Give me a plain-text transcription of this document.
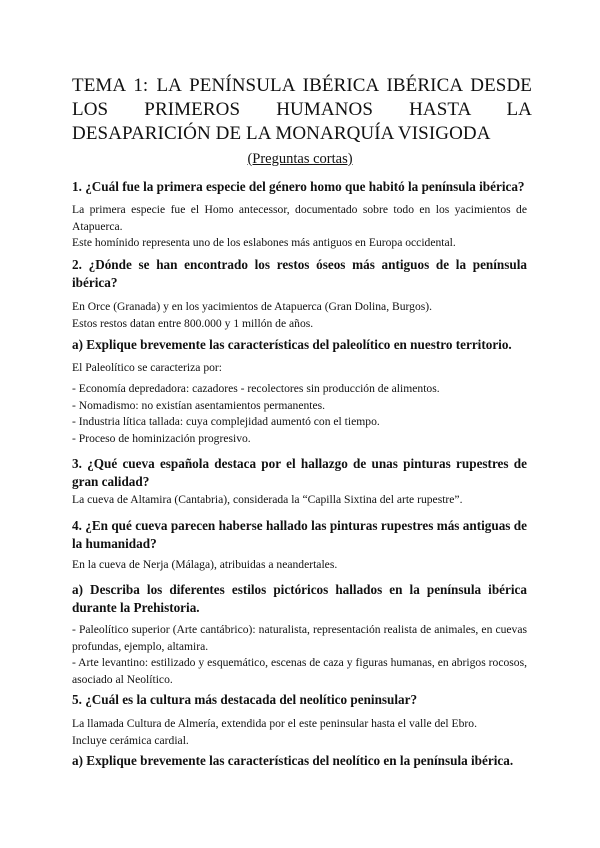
TEMA 1: LA PENÍNSULA IBÉRICA IBÉRICA DESDE LOS PRIMEROS HUMANOS HASTA LA DESAPARICIÓN DE LA MONARQUÍA VISIGODA
(Preguntas cortas)

1. ¿Cuál fue la primera especie del género homo que habitó la península ibérica?

La primera especie fue el Homo antecessor, documentado sobre todo en los yacimientos de Atapuerca.
Este homínido representa uno de los eslabones más antiguos en Europa occidental.

2. ¿Dónde se han encontrado los restos óseos más antiguos de la península ibérica?

En Orce (Granada) y en los yacimientos de Atapuerca (Gran Dolina, Burgos).
Estos restos datan entre 800.000 y 1 millón de años.

a) Explique brevemente las características del paleolítico en nuestro territorio.

El Paleolítico se caracteriza por:

- Economía depredadora: cazadores - recolectores sin producción de alimentos.
- Nomadismo: no existían asentamientos permanentes.
- Industria lítica tallada: cuya complejidad aumentó con el tiempo.
- Proceso de hominización progresivo.

3. ¿Qué cueva española destaca por el hallazgo de unas pinturas rupestres de gran calidad?

La cueva de Altamira (Cantabria), considerada la “Capilla Sixtina del arte rupestre”.

4. ¿En qué cueva parecen haberse hallado las pinturas rupestres más antiguas de la humanidad?

En la cueva de Nerja (Málaga), atribuidas a neandertales.

a) Describa los diferentes estilos pictóricos hallados en la península ibérica durante la Prehistoria.

- Paleolítico superior (Arte cantábrico): naturalista, representación realista de animales, en cuevas profundas, ejemplo, altamira.
- Arte levantino: estilizado y esquemático, escenas de caza y figuras humanas, en abrigos rocosos, asociado al Neolítico.

5. ¿Cuál es la cultura más destacada del neolítico peninsular?

La llamada Cultura de Almería, extendida por el este peninsular hasta el valle del Ebro.
Incluye cerámica cardial.

a) Explique brevemente las características del neolítico en la península ibérica.
